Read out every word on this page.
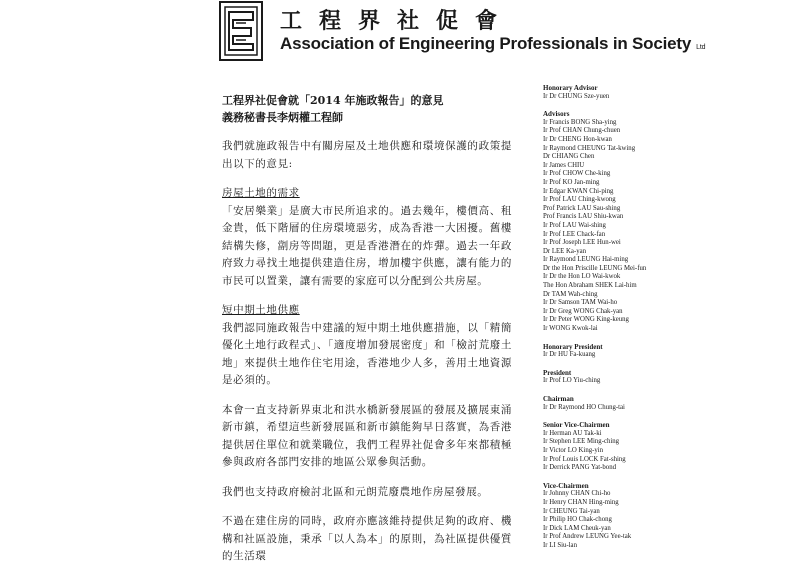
工程界社促會
Association of Engineering Professionals in Society Ltd

工程界社促會就「2014 年施政報告」的意見

義務秘書長李炳權工程師

我們就施政報告中有關房屋及土地供應和環境保護的政策提出以下的意見:

房屋土地的需求

「安居樂業」是廣大市民所追求的。過去幾年，樓價高、租金貴，低下階層的住房環境惡劣，成為香港一大困擾。舊樓結構失修，劏房等問題，更是香港潛在的炸彈。過去一年政府致力尋找土地提供建造住房，增加樓宇供應，讓有能力的市民可以置業，讓有需要的家庭可以分配到公共房屋。

短中期土地供應

我們認同施政報告中建議的短中期土地供應措施，以「精簡優化土地行政程式」、「適度增加發展密度」和「檢討荒廢土地」來提供土地作住宅用途，香港地少人多，善用土地資源是必須的。

本會一直支持新界東北和洪水橋新發展區的發展及擴展東涌新市鎮，希望這些新發展區和新市鎮能夠早日落實，為香港提供居住單位和就業職位，我們工程界社促會多年來都積極參與政府各部門安排的地區公眾參與活動。

我們也支持政府檢討北區和元朗荒廢農地作房屋發展。

不過在建住房的同時，政府亦應該維持提供足夠的政府、機構和社區設施，秉承「以人為本」的原則，為社區提供優質的生活環

Honorary Advisor

Ir Dr CHUNG Sze-yuen

Advisors

Ir Francis BONG Sha-ying

Ir Prof CHAN Chung-chuen

Ir Dr CHENG Hon-kwan

Ir Raymond CHEUNG Tat-kwing

Dr CHIANG Chen

Ir James CHIU

Ir Prof CHOW Che-king

Ir Prof KO Jan-ming

Ir Edgar KWAN Chi-ping

Ir Prof LAU Ching-kwong

Prof Patrick LAU Sau-shing

Prof Francis LAU Shiu-kwan

Ir Prof LAU Wai-shing

Ir Prof LEE Chack-fan

Ir Prof Joseph LEE Hun-wei

Dr LEE Ka-yan

Ir Raymond LEUNG Hai-ming

Dr the Hon Priscille LEUNG Mei-fun

Ir Dr the Hon LO Wai-kwok

The Hon Abraham SHEK Lai-him

Dr TAM Wah-ching

Ir Dr Samson TAM Wai-ho

Ir Dr Greg WONG Chak-yan

Ir Dr Peter WONG King-keung

Ir WONG Kwok-lai

Honorary President

Ir Dr HU Fa-kuang

President

Ir Prof LO Yiu-ching

Chairman

Ir Dr Raymond HO Chung-tai

Senior Vice-Chairmen

Ir Herman AU Tak-ki

Ir Stephen LEE Ming-ching

Ir Victor LO King-yin

Ir Prof Louis LOCK Fat-shing

Ir Derrick PANG Yat-bond

Vice-Chairmen

Ir Johnny CHAN Chi-ho

Ir Henry CHAN Hing-ming

Ir CHEUNG Tai-yan

Ir Philip HO Chak-chong

Ir Dick LAM Cheuk-yan

Ir Prof Andrew LEUNG Yee-tak

Ir LI Siu-lan
